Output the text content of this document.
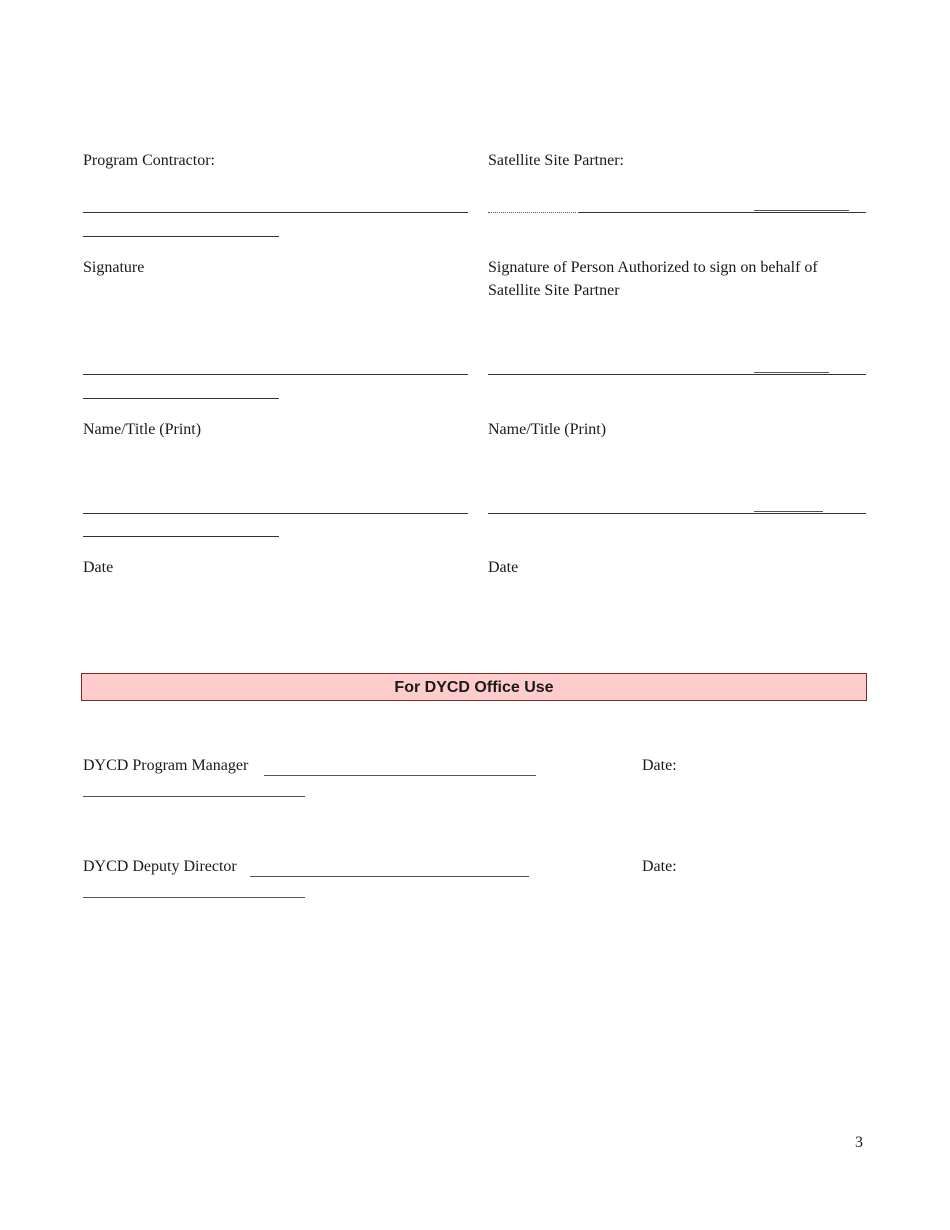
Program Contractor:
Signature
Name/Title (Print)
Date
Satellite Site Partner:
Signature of Person Authorized to sign on behalf of Satellite Site Partner
Name/Title (Print)
Date
For DYCD Office Use
DYCD Program Manager	Date:
DYCD Deputy Director	Date:
3
